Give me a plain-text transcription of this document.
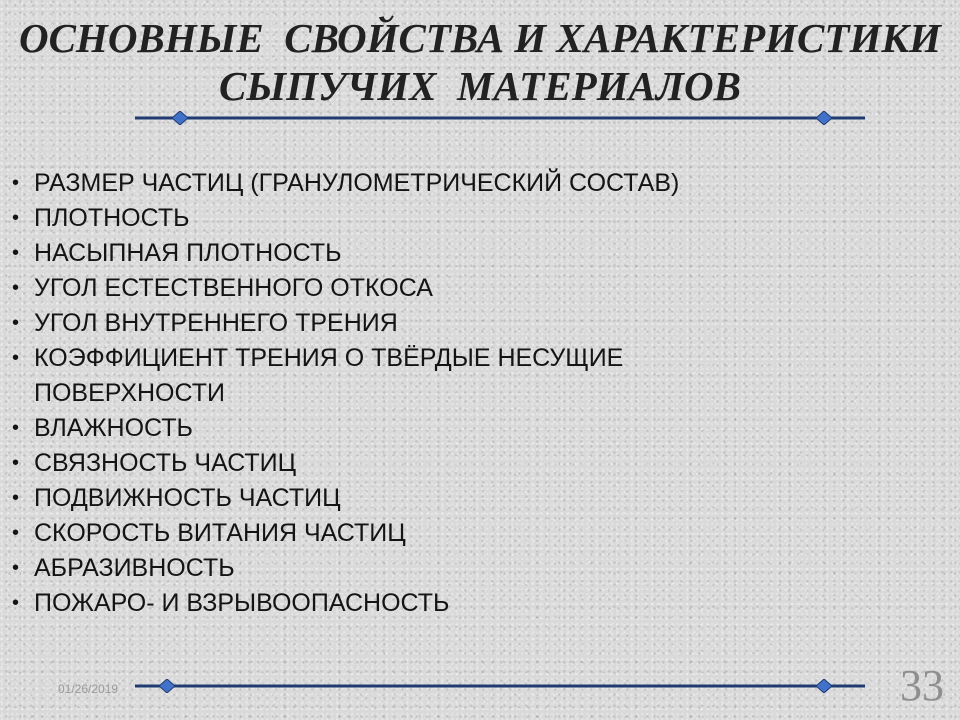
ОСНОВНЫЕ  СВОЙСТВА И ХАРАКТЕРИСТИКИ
СЫПУЧИХ  МАТЕРИАЛОВ
• РАЗМЕР ЧАСТИЦ (ГРАНУЛОМЕТРИЧЕСКИЙ СОСТАВ)
• ПЛОТНОСТЬ
• НАСЫПНАЯ ПЛОТНОСТЬ
• УГОЛ ЕСТЕСТВЕННОГО ОТКОСА
• УГОЛ ВНУТРЕННЕГО ТРЕНИЯ
• КОЭФФИЦИЕНТ ТРЕНИЯ О ТВЁРДЫЕ НЕСУЩИЕ
ПОВЕРХНОСТИ
• ВЛАЖНОСТЬ
• СВЯЗНОСТЬ ЧАСТИЦ
• ПОДВИЖНОСТЬ ЧАСТИЦ
• СКОРОСТЬ ВИТАНИЯ ЧАСТИЦ
• АБРАЗИВНОСТЬ
• ПОЖАРО- И ВЗРЫВООПАСНОСТЬ
01/26/2019	33
